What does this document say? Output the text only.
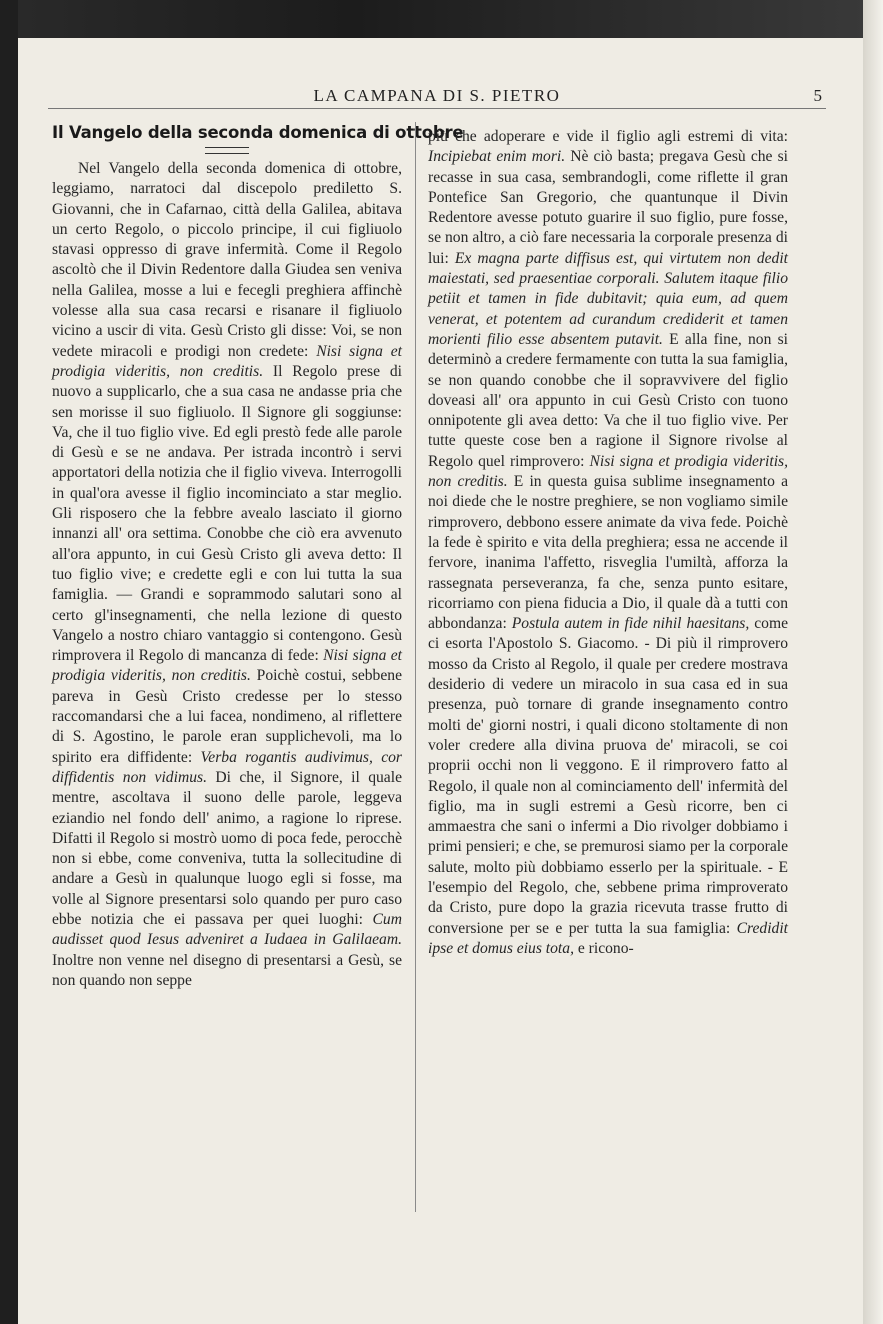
LA CAMPANA DI S. PIETRO	5
Il Vangelo della seconda domenica di ottobre

Nel Vangelo della seconda domenica di ottobre, leggiamo, narratoci dal discepolo prediletto S. Giovanni, che in Cafarnao, città della Galilea, abitava un certo Regolo, o piccolo principe, il cui figliuolo stavasi oppresso di grave infermità. Come il Regolo ascoltò che il Divin Redentore dalla Giudea sen veniva nella Galilea, mosse a lui e fecegli preghiera affinchè volesse alla sua casa recarsi e risanare il figliuolo vicino a uscir di vita. Gesù Cristo gli disse: Voi, se non vedete miracoli e prodigi non credete: Nisi signa et prodigia videritis, non creditis. Il Regolo prese di nuovo a supplicarlo, che a sua casa ne andasse pria che sen morisse il suo figliuolo. Il Signore gli soggiunse: Va, che il tuo figlio vive. Ed egli prestò fede alle parole di Gesù e se ne andava. Per istrada incontrò i servi apportatori della notizia che il figlio viveva. Interrogolli in qual'ora avesse il figlio incominciato a star meglio. Gli risposero che la febbre avealo lasciato il giorno innanzi all' ora settima. Conobbe che ciò era avvenuto all'ora appunto, in cui Gesù Cristo gli aveva detto: Il tuo figlio vive; e credette egli e con lui tutta la sua famiglia. — Grandi e soprammodo salutari sono al certo gl'insegnamenti, che nella lezione di questo Vangelo a nostro chiaro vantaggio si contengono. Gesù rimprovera il Regolo di mancanza di fede: Nisi signa et prodigia videritis, non creditis. Poichè costui, sebbene pareva in Gesù Cristo credesse per lo stesso raccomandarsi che a lui facea, nondimeno, al riflettere di S. Agostino, le parole eran supplichevoli, ma lo spirito era diffidente: Verba rogantis audivimus, cor diffidentis non vidimus. Di che, il Signore, il quale mentre, ascoltava il suono delle parole, leggeva eziandio nel fondo dell' animo, a ragione lo riprese. Difatti il Regolo si mostrò uomo di poca fede, perocchè non si ebbe, come conveniva, tutta la sollecitudine di andare a Gesù in qualunque luogo egli si fosse, ma volle al Signore presentarsi solo quando per puro caso ebbe notizia che ei passava per quei luoghi: Cum audisset quod Iesus adveniret a Iudaea in Galilaeam. Inoltre non venne nel disegno di presentarsi a Gesù, se non quando non seppe

più che adoperare e vide il figlio agli estremi di vita: Incipiebat enim mori. Nè ciò basta; pregava Gesù che si recasse in sua casa, sembrandogli, come riflette il gran Pontefice San Gregorio, che quantunque il Divin Redentore avesse potuto guarire il suo figlio, pure fosse, se non altro, a ciò fare necessaria la corporale presenza di lui: Ex magna parte diffisus est, qui virtutem non dedit maiestati, sed praesentiae corporali. Salutem itaque filio petiit et tamen in fide dubitavit; quia eum, ad quem venerat, et potentem ad curandum crediderit et tamen morienti filio esse absentem putavit. E alla fine, non si determinò a credere fermamente con tutta la sua famiglia, se non quando conobbe che il sopravvivere del figlio doveasi all' ora appunto in cui Gesù Cristo con tuono onnipotente gli avea detto: Va che il tuo figlio vive. Per tutte queste cose ben a ragione il Signore rivolse al Regolo quel rimprovero: Nisi signa et prodigia videritis, non creditis. E in questa guisa sublime insegnamento a noi diede che le nostre preghiere, se non vogliamo simile rimprovero, debbono essere animate da viva fede. Poichè la fede è spirito e vita della preghiera; essa ne accende il fervore, inanima l'affetto, risveglia l'umiltà, afforza la rassegnata perseveranza, fa che, senza punto esitare, ricorriamo con piena fiducia a Dio, il quale dà a tutti con abbondanza: Postula autem in fide nihil haesitans, come ci esorta l'Apostolo S. Giacomo. - Di più il rimprovero mosso da Cristo al Regolo, il quale per credere mostrava desiderio di vedere un miracolo in sua casa ed in sua presenza, può tornare di grande insegnamento contro molti de' giorni nostri, i quali dicono stoltamente di non voler credere alla divina pruova de' miracoli, se coi proprii occhi non li veggono. E il rimprovero fatto al Regolo, il quale non al cominciamento dell' infermità del figlio, ma in sugli estremi a Gesù ricorre, ben ci ammaestra che sani o infermi a Dio rivolger dobbiamo i primi pensieri; e che, se premurosi siamo per la corporale salute, molto più dobbiamo esserlo per la spirituale. - E l'esempio del Regolo, che, sebbene prima rimproverato da Cristo, pure dopo la grazia ricevuta trasse frutto di conversione per se e per tutta la sua famiglia: Credidit ipse et domus eius tota, e ricono-
